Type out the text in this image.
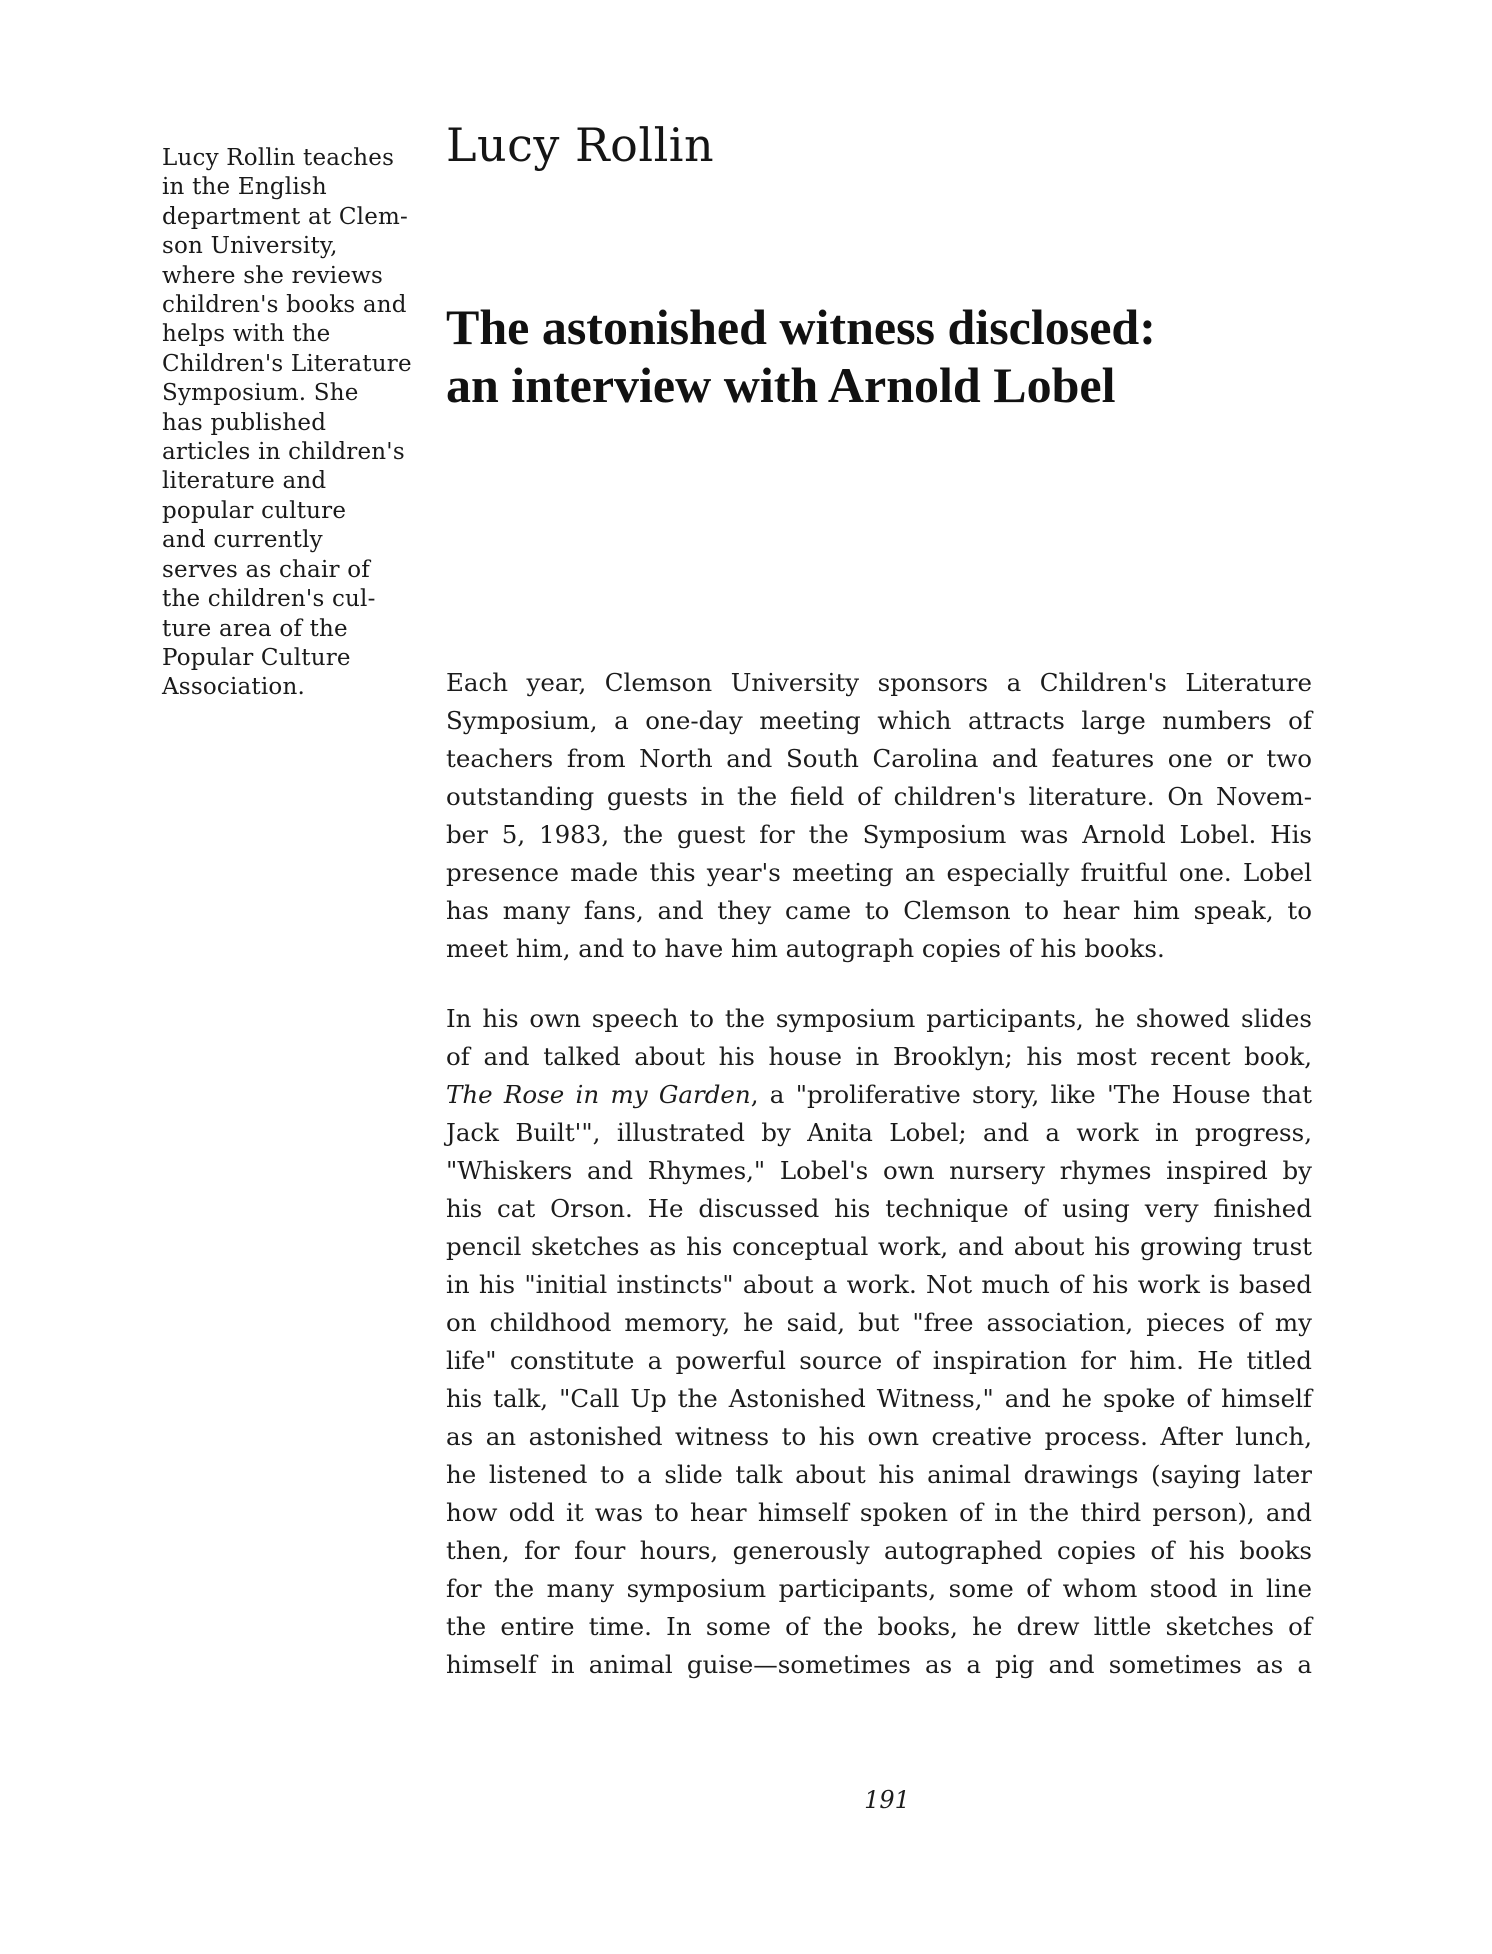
Lucy Rollin teaches
in the English
department at Clem-
son University,
where she reviews
children's books and
helps with the
Children's Literature
Symposium. She
has published
articles in children's
literature and
popular culture
and currently
serves as chair of
the children's cul-
ture area of the
Popular Culture
Association.
Lucy Rollin
The astonished witness disclosed:
an interview with Arnold Lobel
Each year, Clemson University sponsors a Children's Literature
Symposium, a one-day meeting which attracts large numbers of
teachers from North and South Carolina and features one or two
outstanding guests in the field of children's literature. On Novem-
ber 5, 1983, the guest for the Symposium was Arnold Lobel. His
presence made this year's meeting an especially fruitful one. Lobel
has many fans, and they came to Clemson to hear him speak, to
meet him, and to have him autograph copies of his books.
In his own speech to the symposium participants, he showed slides
of and talked about his house in Brooklyn; his most recent book,
The Rose in my Garden, a "proliferative story, like 'The House that
Jack Built'", illustrated by Anita Lobel; and a work in progress,
"Whiskers and Rhymes," Lobel's own nursery rhymes inspired by
his cat Orson. He discussed his technique of using very finished
pencil sketches as his conceptual work, and about his growing trust
in his "initial instincts" about a work. Not much of his work is based
on childhood memory, he said, but "free association, pieces of my
life" constitute a powerful source of inspiration for him. He titled
his talk, "Call Up the Astonished Witness," and he spoke of himself
as an astonished witness to his own creative process. After lunch,
he listened to a slide talk about his animal drawings (saying later
how odd it was to hear himself spoken of in the third person), and
then, for four hours, generously autographed copies of his books
for the many symposium participants, some of whom stood in line
the entire time. In some of the books, he drew little sketches of
himself in animal guise—sometimes as a pig and sometimes as a
191
